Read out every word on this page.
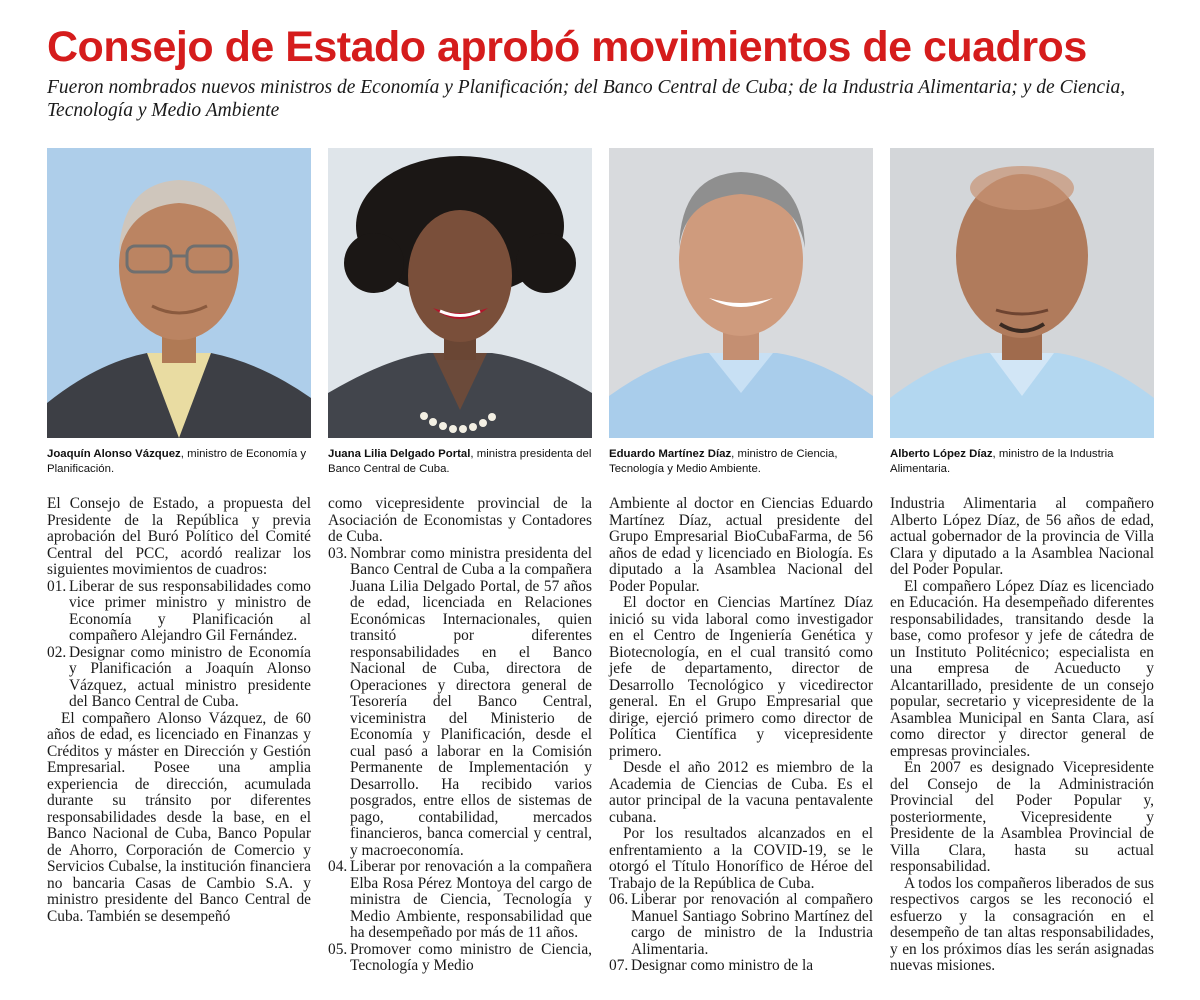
Consejo de Estado aprobó movimientos de cuadros

Fueron nombrados nuevos ministros de Economía y Planificación; del Banco Central de Cuba; de la Industria Alimentaria; y de Ciencia, Tecnología y Medio Ambiente

Joaquín Alonso Vázquez, ministro de Economía y Planificación.

Juana Lilia Delgado Portal, ministra presidenta del Banco Central de Cuba.

Eduardo Martínez Díaz, ministro de Ciencia, Tecnología y Medio Ambiente.

Alberto López Díaz, ministro de la Industria Alimentaria.

El Consejo de Estado, a propuesta del Presidente de la República y previa aprobación del Buró Político del Comité Central del PCC, acordó realizar los siguientes movimientos de cuadros:

01. Liberar de sus responsabilidades como vice primer ministro y ministro de Economía y Planificación al compañero Alejandro Gil Fernández.
02. Designar como ministro de Economía y Planificación a Joaquín Alonso Vázquez, actual ministro presidente del Banco Central de Cuba.

El compañero Alonso Vázquez, de 60 años de edad, es licenciado en Finanzas y Créditos y máster en Dirección y Gestión Empresarial. Posee una amplia experiencia de dirección, acumulada durante su tránsito por diferentes responsabilidades desde la base, en el Banco Nacional de Cuba, Banco Popular de Ahorro, Corporación de Comercio y Servicios Cubalse, la institución financiera no bancaria Casas de Cambio S.A. y ministro presidente del Banco Central de Cuba. También se desempeñó

como vicepresidente provincial de la Asociación de Economistas y Contadores de Cuba.

03. Nombrar como ministra presidenta del Banco Central de Cuba a la compañera Juana Lilia Delgado Portal, de 57 años de edad, licenciada en Relaciones Económicas Internacionales, quien transitó por diferentes responsabilidades en el Banco Nacional de Cuba, directora de Operaciones y directora general de Tesorería del Banco Central, viceministra del Ministerio de Economía y Planificación, desde el cual pasó a laborar en la Comisión Permanente de Implementación y Desarrollo. Ha recibido varios posgrados, entre ellos de sistemas de pago, contabilidad, mercados financieros, banca comercial y central, y macroeconomía.
04. Liberar por renovación a la compañera Elba Rosa Pérez Montoya del cargo de ministra de Ciencia, Tecnología y Medio Ambiente, responsabilidad que ha desempeñado por más de 11 años.
05. Promover como ministro de Ciencia, Tecnología y Medio

Ambiente al doctor en Ciencias Eduardo Martínez Díaz, actual presidente del Grupo Empresarial BioCubaFarma, de 56 años de edad y licenciado en Biología. Es diputado a la Asamblea Nacional del Poder Popular.

El doctor en Ciencias Martínez Díaz inició su vida laboral como investigador en el Centro de Ingeniería Genética y Biotecnología, en el cual transitó como jefe de departamento, director de Desarrollo Tecnológico y vicedirector general. En el Grupo Empresarial que dirige, ejerció primero como director de Política Científica y vicepresidente primero.

Desde el año 2012 es miembro de la Academia de Ciencias de Cuba. Es el autor principal de la vacuna pentavalente cubana.

Por los resultados alcanzados en el enfrentamiento a la COVID-19, se le otorgó el Título Honorífico de Héroe del Trabajo de la República de Cuba.

06. Liberar por renovación al compañero Manuel Santiago Sobrino Martínez del cargo de ministro de la Industria Alimentaria.
07. Designar como ministro de la

Industria Alimentaria al compañero Alberto López Díaz, de 56 años de edad, actual gobernador de la provincia de Villa Clara y diputado a la Asamblea Nacional del Poder Popular.

El compañero López Díaz es licenciado en Educación. Ha desempeñado diferentes responsabilidades, transitando desde la base, como profesor y jefe de cátedra de un Instituto Politécnico; especialista en una empresa de Acueducto y Alcantarillado, presidente de un consejo popular, secretario y vicepresidente de la Asamblea Municipal en Santa Clara, así como director y director general de empresas provinciales.

En 2007 es designado Vicepresidente del Consejo de la Administración Provincial del Poder Popular y, posteriormente, Vicepresidente y Presidente de la Asamblea Provincial de Villa Clara, hasta su actual responsabilidad.

A todos los compañeros liberados de sus respectivos cargos se les reconoció el esfuerzo y la consagración en el desempeño de tan altas responsabilidades, y en los próximos días les serán asignadas nuevas misiones.
